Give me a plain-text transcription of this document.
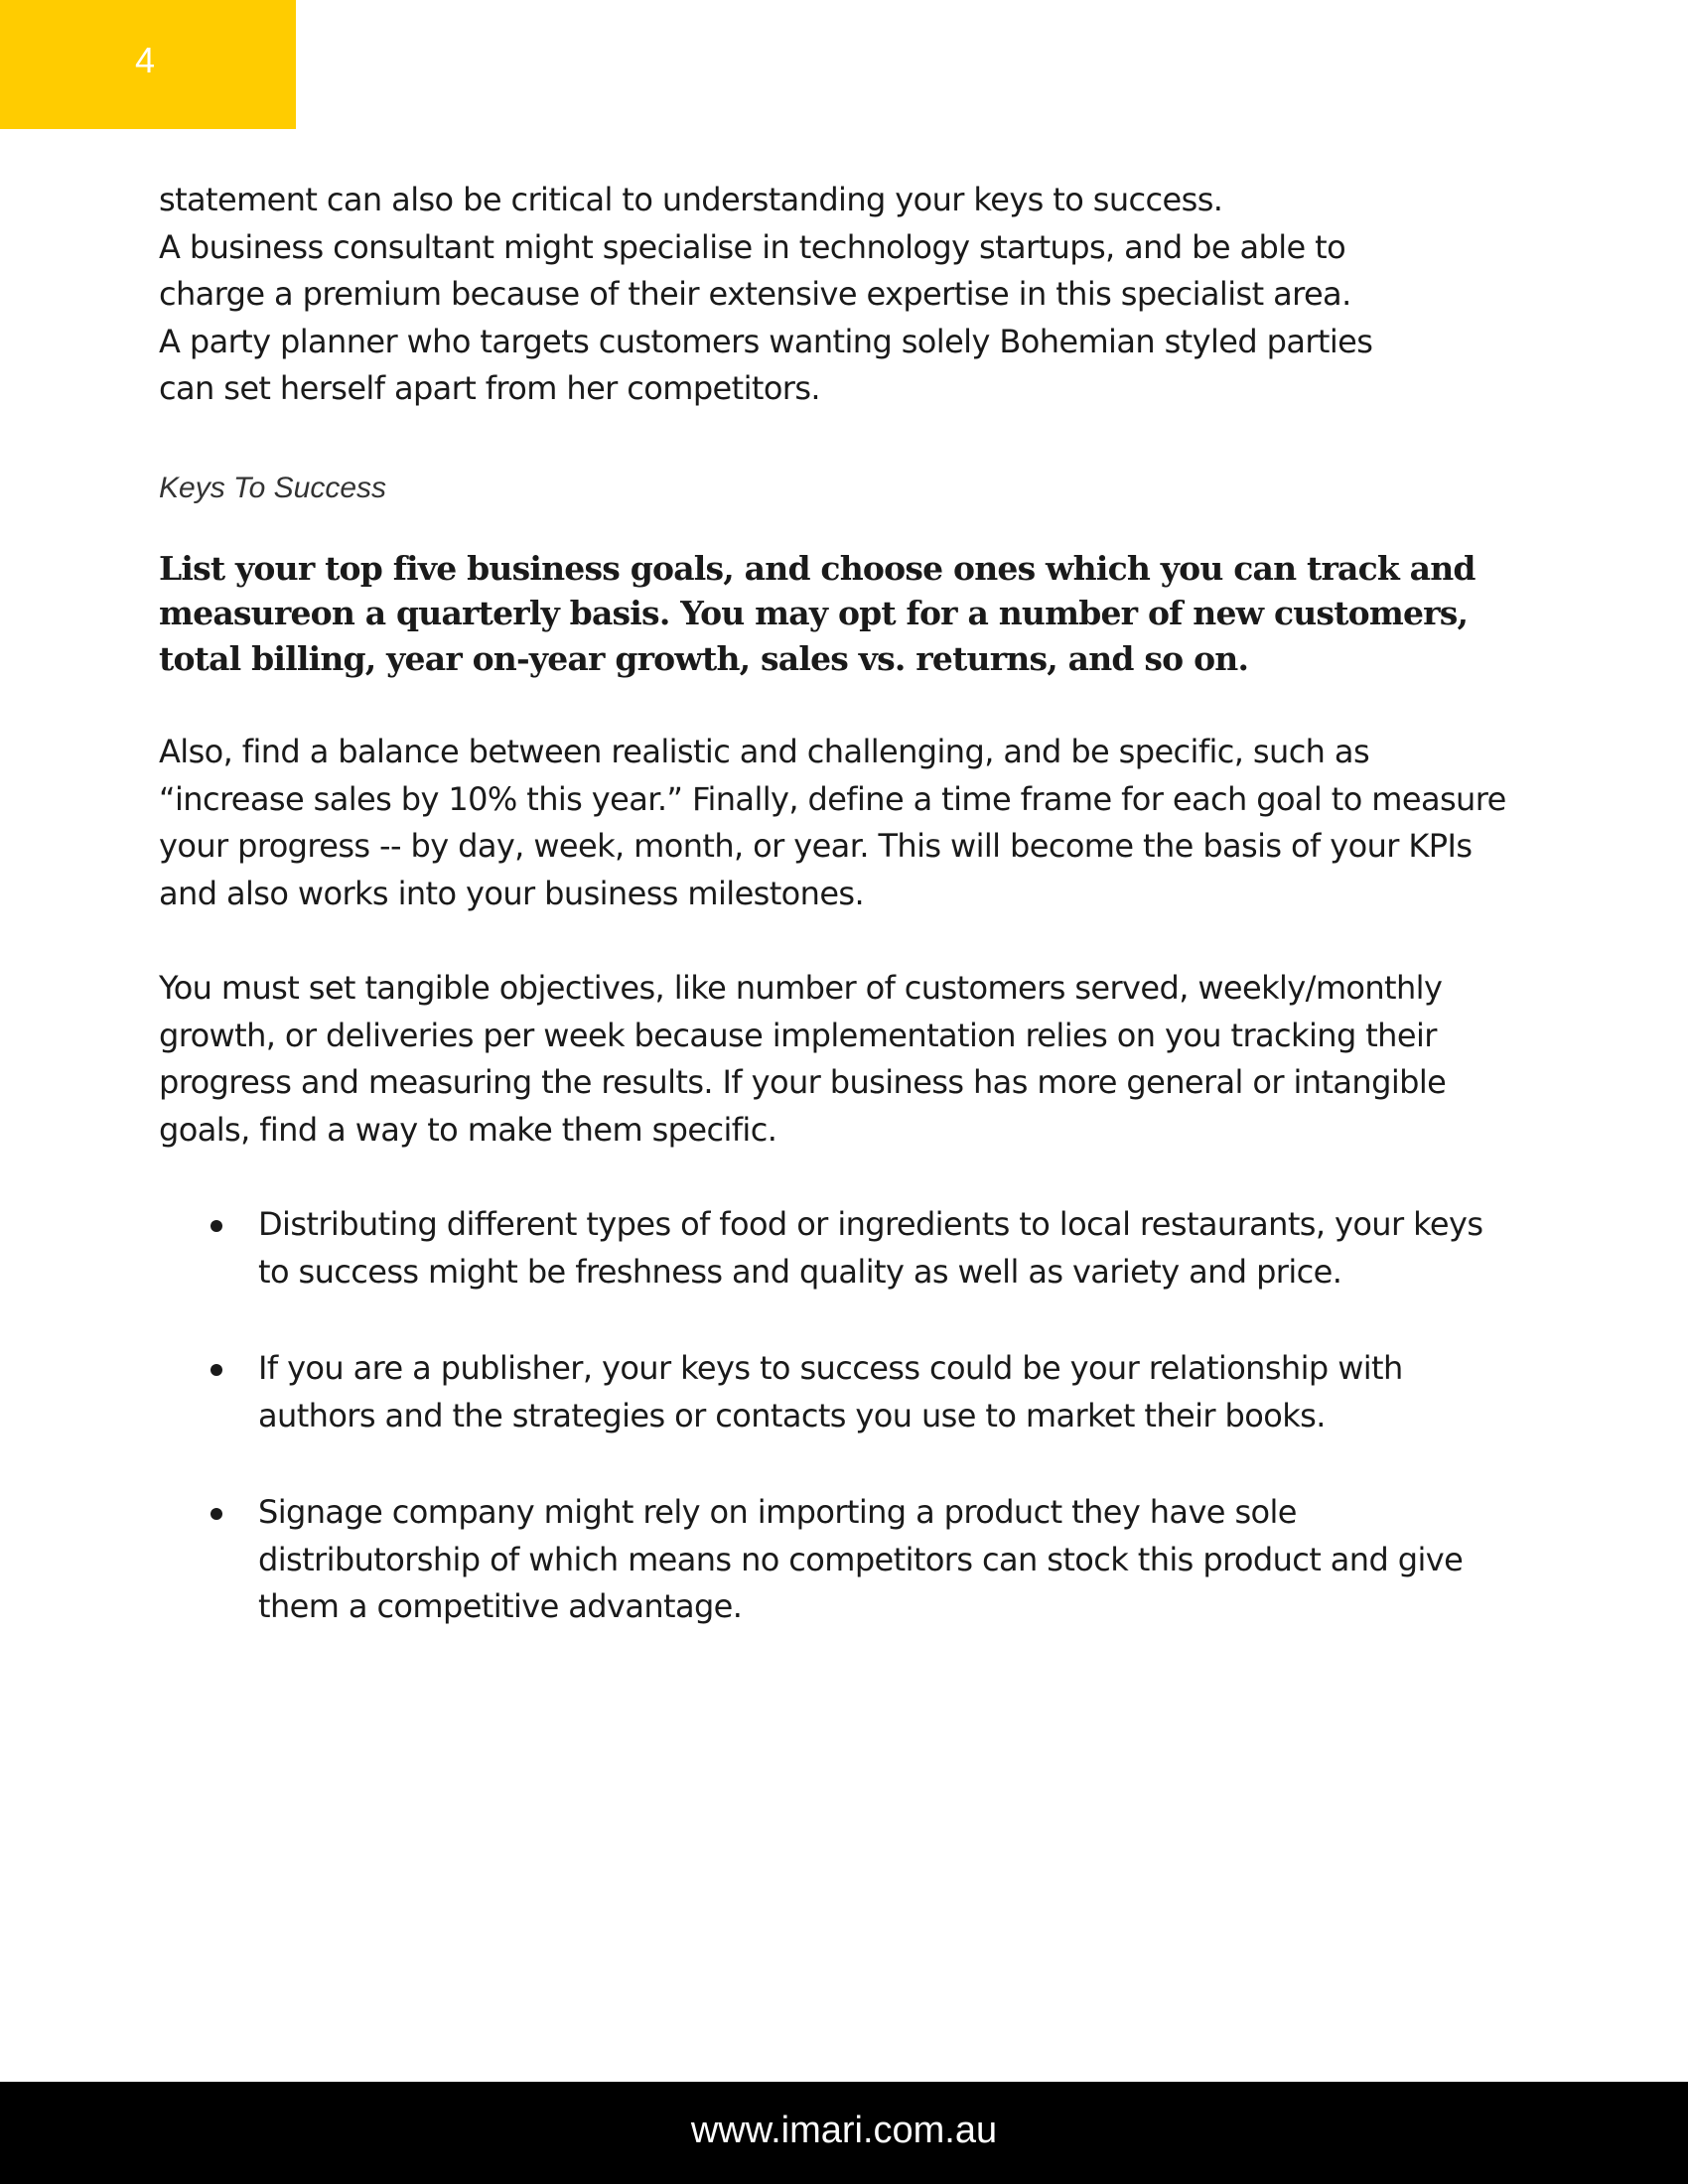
4

statement can also be critical to understanding your keys to success.
A business consultant might specialise in technology startups, and be able to
charge a premium because of their extensive expertise in this specialist area.
A party planner who targets customers wanting solely Bohemian styled parties
can set herself apart from her competitors.

Keys To Success

List your top five business goals, and choose ones which you can track and
measureon a quarterly basis. You may opt for a number of new customers,
total billing, year on-year growth, sales vs. returns, and so on.

Also, find a balance between realistic and challenging, and be specific, such as
“increase sales by 10% this year.” Finally, define a time frame for each goal to measure
your progress -- by day, week, month, or year. This will become the basis of your KPIs
and also works into your business milestones.

You must set tangible objectives, like number of customers served, weekly/monthly
growth, or deliveries per week because implementation relies on you tracking their
progress and measuring the results. If your business has more general or intangible
goals, find a way to make them specific.

Distributing different types of food or ingredients to local restaurants, your keys
to success might be freshness and quality as well as variety and price.
If you are a publisher, your keys to success could be your relationship with
authors and the strategies or contacts you use to market their books.
Signage company might rely on importing a product they have sole
distributorship of which means no competitors can stock this product and give
them a competitive advantage.
www.imari.com.au
